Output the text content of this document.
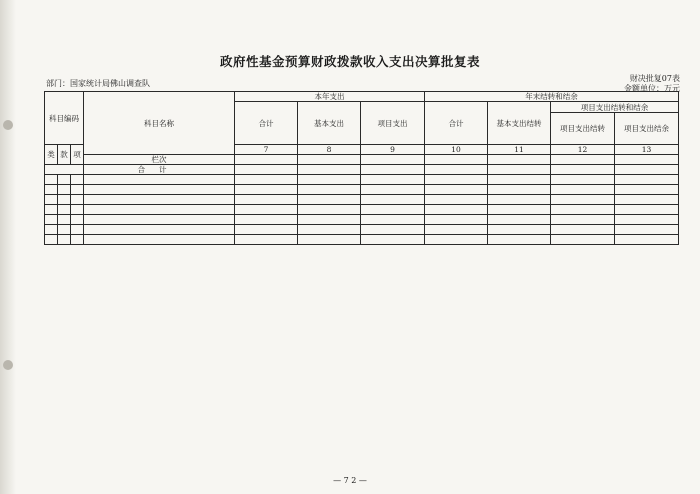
政府性基金预算财政拨款收入支出决算批复表
部门：国家统计局佛山调查队
财决批复07表
金额单位：万元
科目编码			科目名称	本年支出			年末结转和结余			
				合计	基本支出	项目支出	合计	基本支出结转	项目支出结转和结余	
									项目支出结转	项目支出结余
类	款	项		7	8	9	10	11	12	13
			栏次							
			合计							

— 7 2 —
